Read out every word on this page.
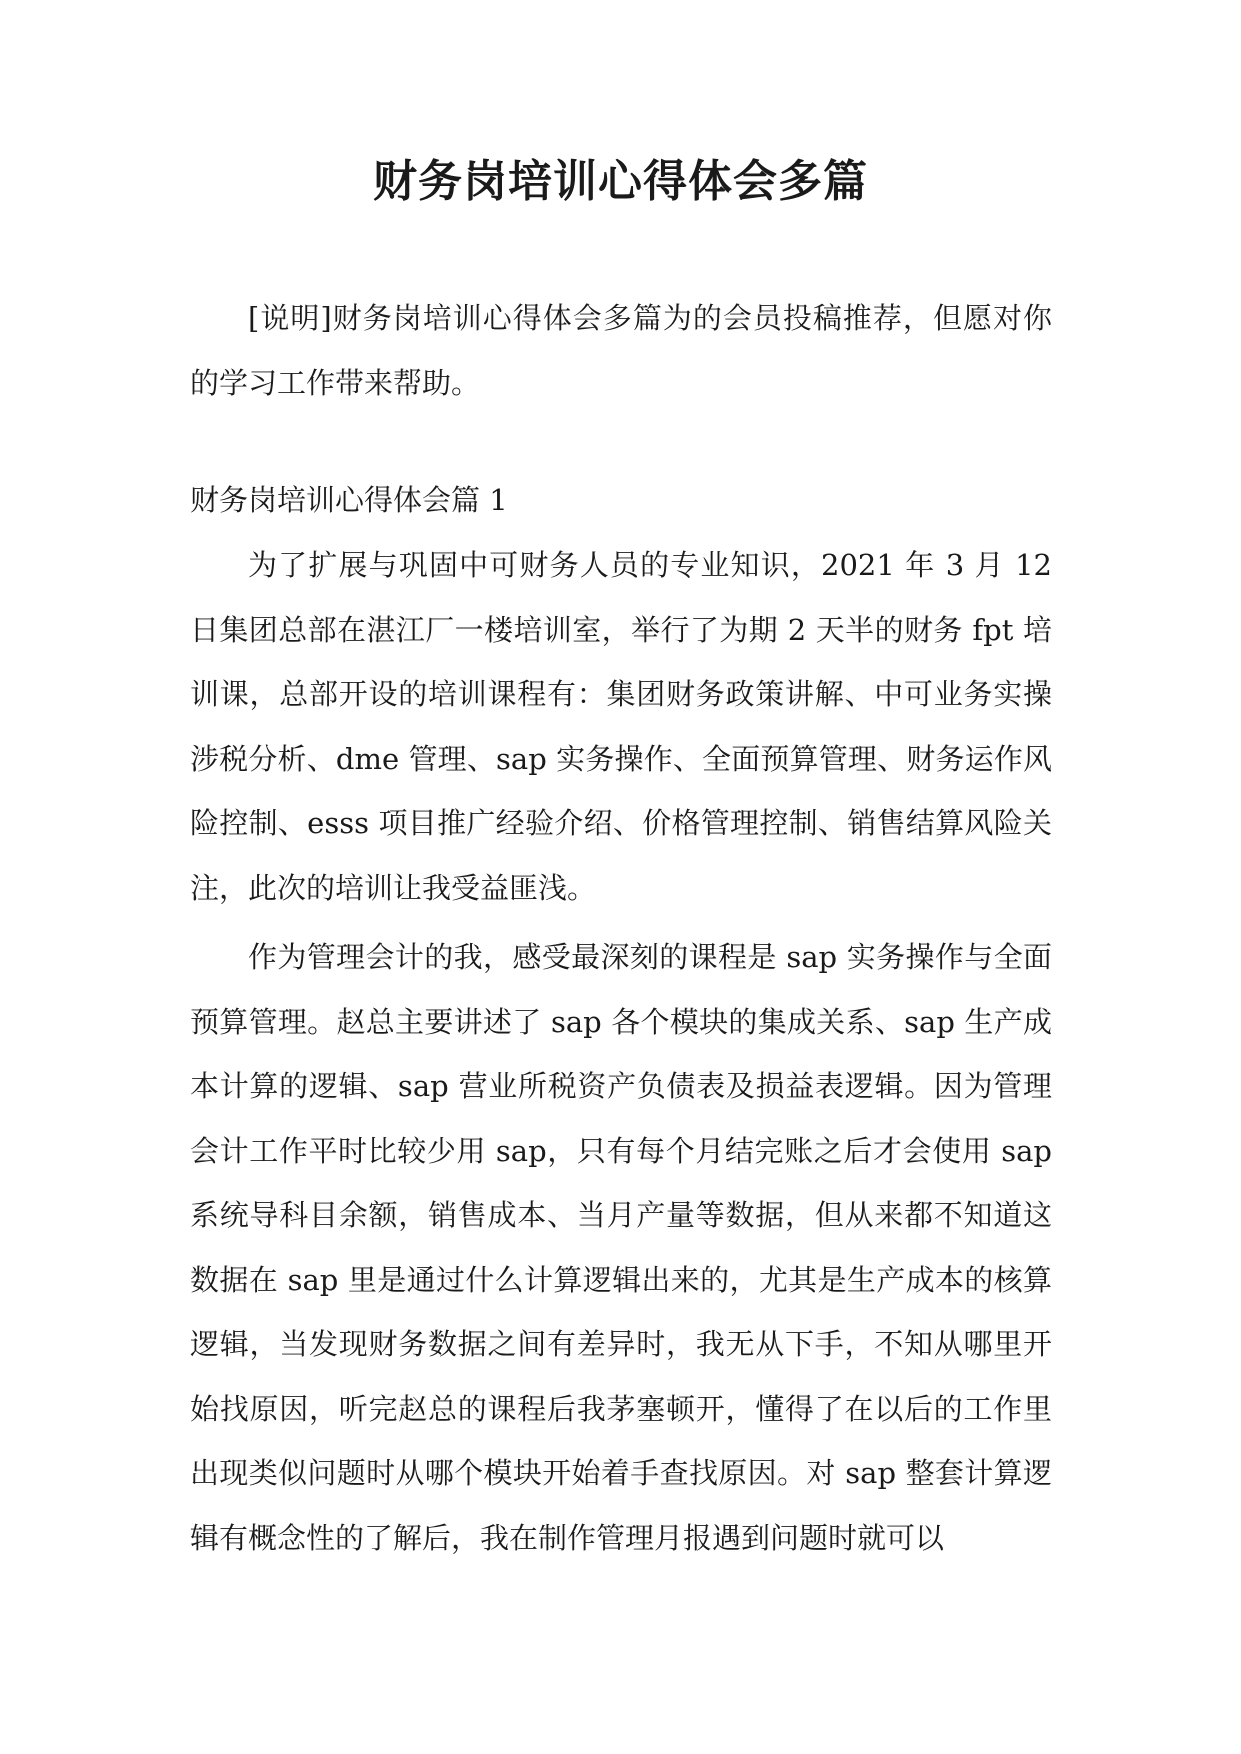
财务岗培训心得体会多篇

[说明]财务岗培训心得体会多篇为的会员投稿推荐，但愿对你的学习工作带来帮助。

财务岗培训心得体会篇 1

为了扩展与巩固中可财务人员的专业知识，2021 年 3 月 12 日集团总部在湛江厂一楼培训室，举行了为期 2 天半的财务 fpt 培训课，总部开设的培训课程有：集团财务政策讲解、中可业务实操涉税分析、dme 管理、sap 实务操作、全面预算管理、财务运作风险控制、esss 项目推广经验介绍、价格管理控制、销售结算风险关注，此次的培训让我受益匪浅。

作为管理会计的我，感受最深刻的课程是 sap 实务操作与全面预算管理。赵总主要讲述了 sap 各个模块的集成关系、sap 生产成本计算的逻辑、sap 营业所税资产负债表及损益表逻辑。因为管理会计工作平时比较少用 sap，只有每个月结完账之后才会使用 sap 系统导科目余额，销售成本、当月产量等数据，但从来都不知道这数据在 sap 里是通过什么计算逻辑出来的，尤其是生产成本的核算逻辑，当发现财务数据之间有差异时，我无从下手，不知从哪里开始找原因，听完赵总的课程后我茅塞顿开，懂得了在以后的工作里出现类似问题时从哪个模块开始着手查找原因。对 sap 整套计算逻辑有概念性的了解后，我在制作管理月报遇到问题时就可以
